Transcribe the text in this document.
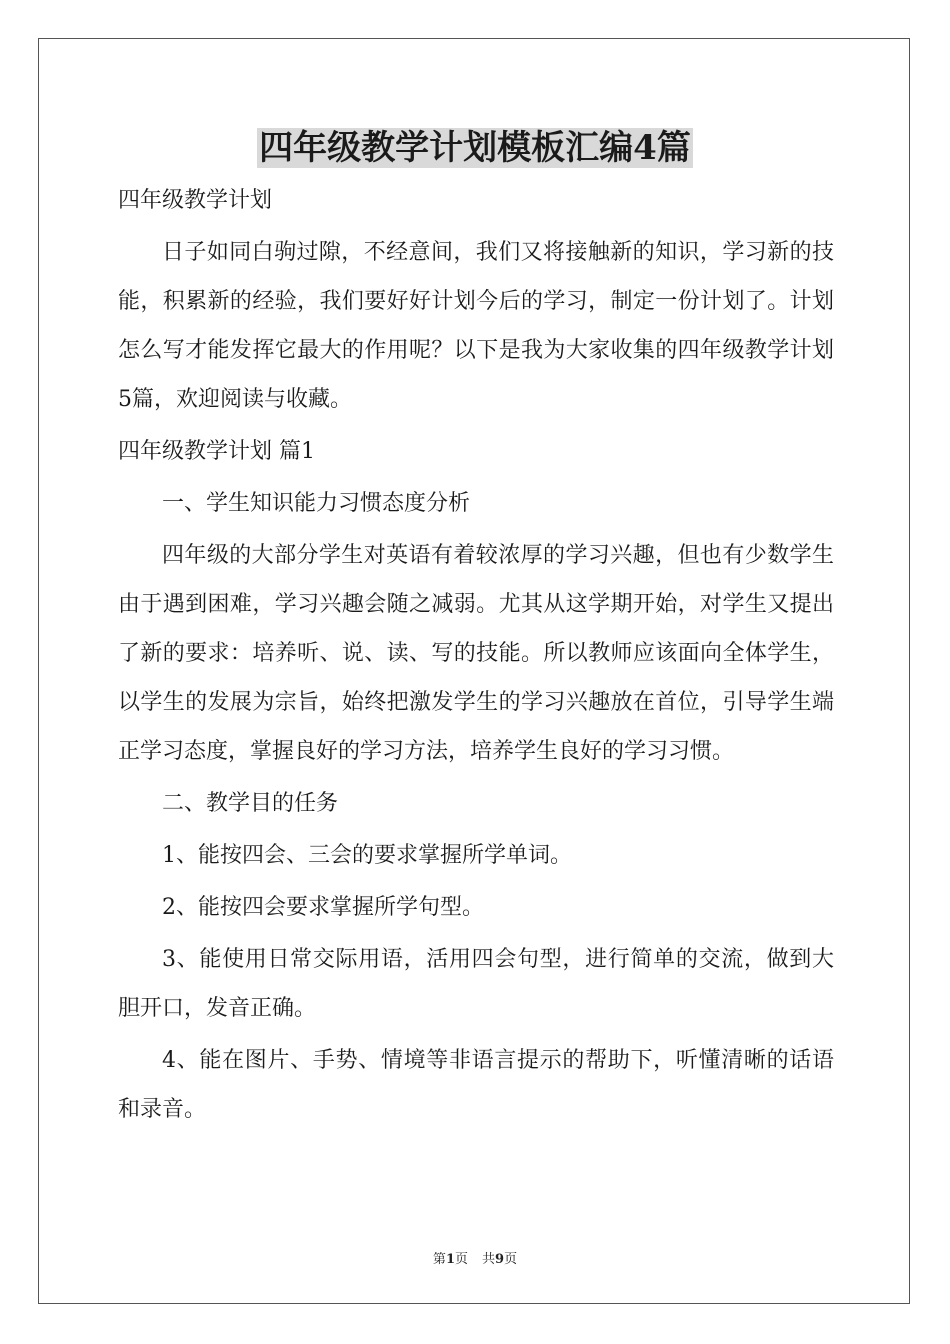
四年级教学计划模板汇编4篇

四年级教学计划

日子如同白驹过隙，不经意间，我们又将接触新的知识，学习新的技能，积累新的经验，我们要好好计划今后的学习，制定一份计划了。计划怎么写才能发挥它最大的作用呢？以下是我为大家收集的四年级教学计划5篇，欢迎阅读与收藏。

四年级教学计划 篇1

一、学生知识能力习惯态度分析

四年级的大部分学生对英语有着较浓厚的学习兴趣，但也有少数学生由于遇到困难，学习兴趣会随之减弱。尤其从这学期开始，对学生又提出了新的要求：培养听、说、读、写的技能。所以教师应该面向全体学生，以学生的发展为宗旨，始终把激发学生的学习兴趣放在首位，引导学生端正学习态度，掌握良好的学习方法，培养学生良好的学习习惯。

二、教学目的任务

1、能按四会、三会的要求掌握所学单词。

2、能按四会要求掌握所学句型。

3、能使用日常交际用语，活用四会句型，进行简单的交流，做到大胆开口，发音正确。

4、能在图片、手势、情境等非语言提示的帮助下，听懂清晰的话语和录音。

第1页 共9页
